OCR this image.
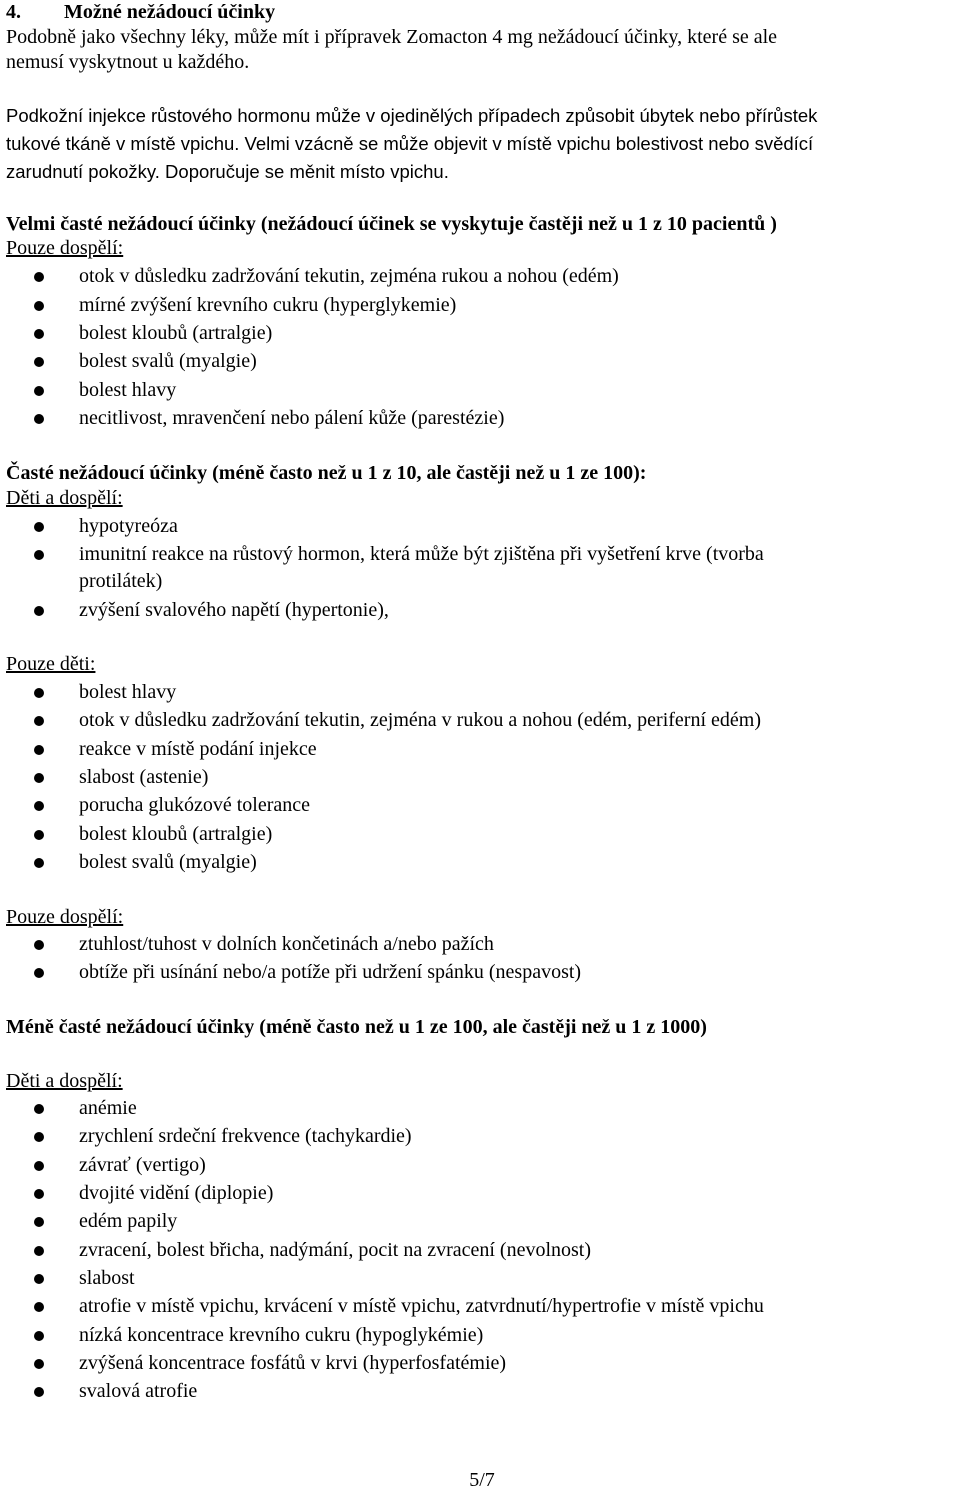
4. Možné nežádoucí účinky
Podobně jako všechny léky, může mít i přípravek Zomacton 4 mg nežádoucí účinky, které se ale
nemusí vyskytnout u každého.
Podkožní injekce růstového hormonu může v ojedinělých případech způsobit úbytek nebo přírůstek
tukové tkáně v místě vpichu. Velmi vzácně se může objevit v místě vpichu bolestivost nebo svědící
zarudnutí pokožky. Doporučuje se měnit místo vpichu.
Velmi časté nežádoucí účinky (nežádoucí účinek se vyskytuje častěji než u 1 z 10 pacientů )
Pouze dospělí:
otok v důsledku zadržování tekutin, zejména rukou a nohou (edém)
mírné zvýšení krevního cukru (hyperglykemie)
bolest kloubů (artralgie)
bolest svalů (myalgie)
bolest hlavy
necitlivost, mravenčení nebo pálení kůže (parestézie)
Časté nežádoucí účinky (méně často než u 1 z 10, ale častěji než u 1 ze 100):
Děti a dospělí:
hypotyreóza
imunitní reakce na růstový hormon, která může být zjištěna při vyšetření krve (tvorba
protilátek)
zvýšení svalového napětí (hypertonie),
Pouze děti:
bolest hlavy
otok v důsledku zadržování tekutin, zejména v rukou a nohou (edém, periferní edém)
reakce v místě podání injekce
slabost (astenie)
porucha glukózové tolerance
bolest kloubů (artralgie)
bolest svalů (myalgie)
Pouze dospělí:
ztuhlost/tuhost v dolních končetinách a/nebo pažích
obtíže při usínání nebo/a potíže při udržení spánku (nespavost)
Méně časté nežádoucí účinky (méně často než u 1 ze 100, ale častěji než u 1 z 1000)
Děti a dospělí:
anémie
zrychlení srdeční frekvence (tachykardie)
závrať (vertigo)
dvojité vidění (diplopie)
edém papily
zvracení, bolest břicha, nadýmání, pocit na zvracení (nevolnost)
slabost
atrofie v místě vpichu, krvácení v místě vpichu, zatvrdnutí/hypertrofie v místě vpichu
nízká koncentrace krevního cukru (hypoglykémie)
zvýšená koncentrace fosfátů v krvi (hyperfosfatémie)
svalová atrofie
5/7
